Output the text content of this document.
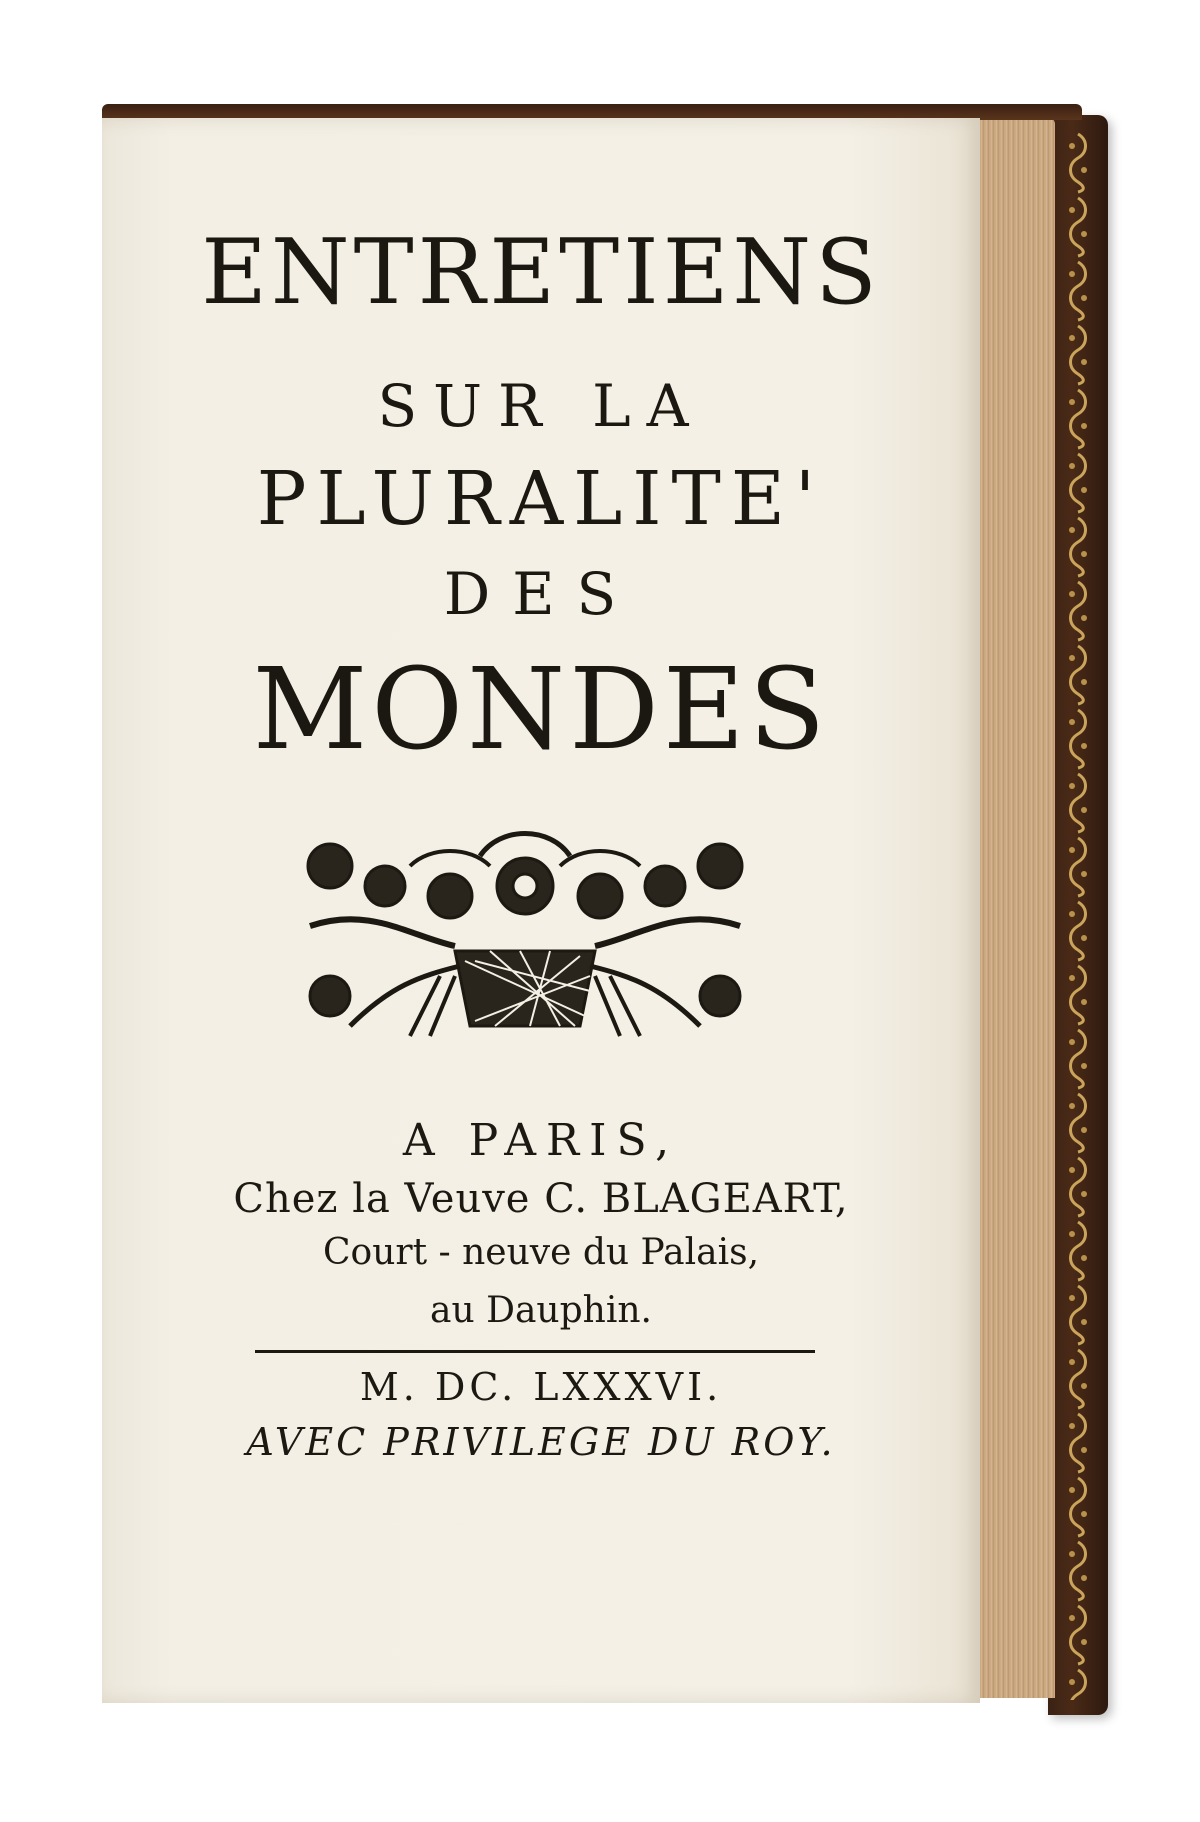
ENTRETIENS
SUR LA
PLURALITE'
DES
MONDES
A PARIS,
Chez la Veuve C. BLAGEART,
Court - neuve du Palais,
au Dauphin.
M. DC. LXXXVI.
AVEC PRIVILEGE DU ROY.
